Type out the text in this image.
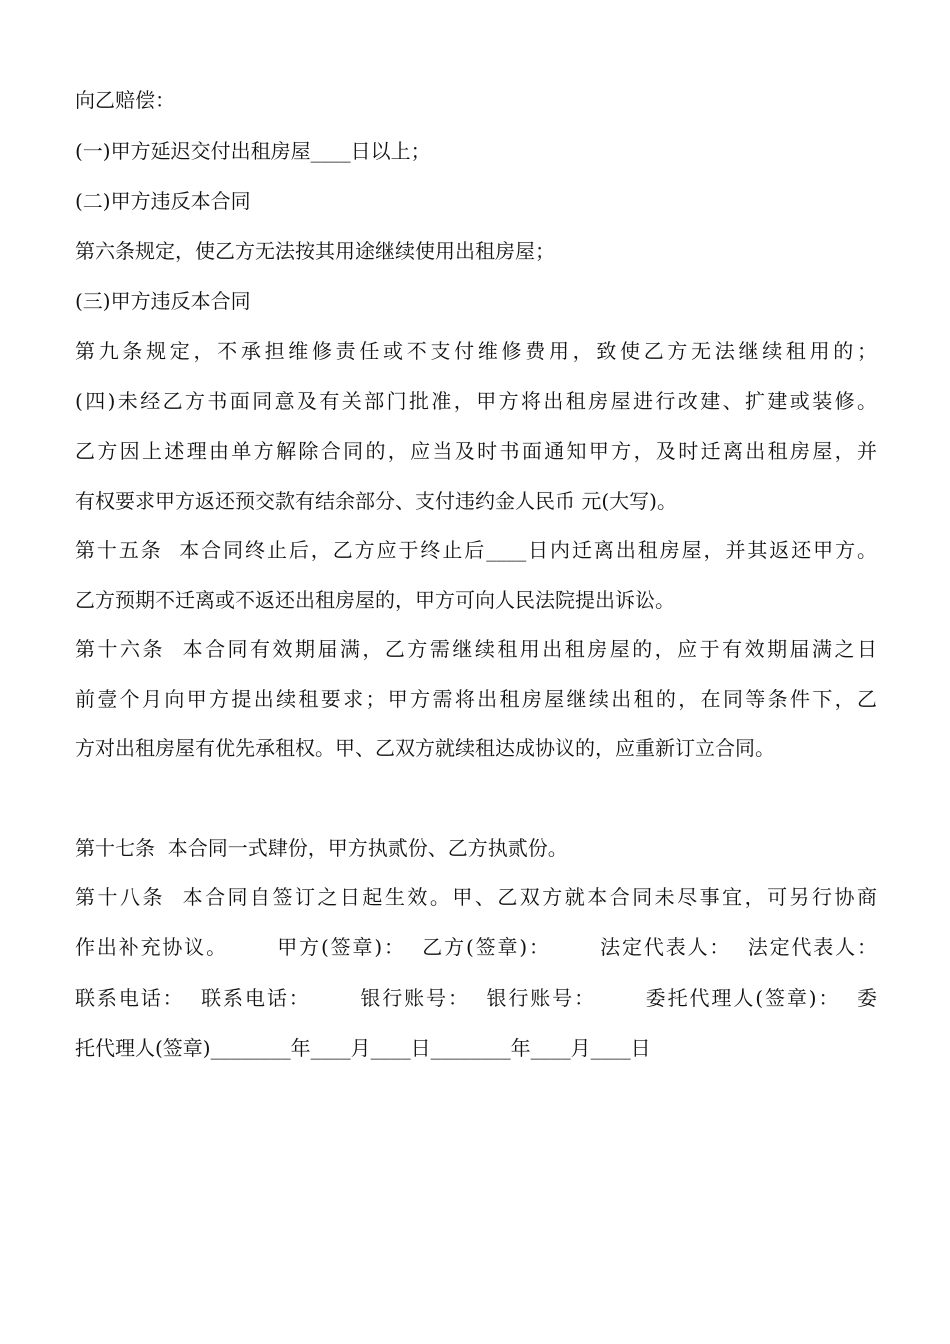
向乙赔偿：
(一)甲方延迟交付出租房屋____日以上；
(二)甲方违反本合同
第六条规定，使乙方无法按其用途继续使用出租房屋；
(三)甲方违反本合同
第九条规定，不承担维修责任或不支付维修费用，致使乙方无法继续租用的；
(四)未经乙方书面同意及有关部门批准，甲方将出租房屋进行改建、扩建或装修。
乙方因上述理由单方解除合同的，应当及时书面通知甲方，及时迁离出租房屋，并
有权要求甲方返还预交款有结余部分、支付违约金人民币 元(大写)。
第十五条  本合同终止后，乙方应于终止后____日内迁离出租房屋，并其返还甲方。
乙方预期不迁离或不返还出租房屋的，甲方可向人民法院提出诉讼。
第十六条  本合同有效期届满，乙方需继续租用出租房屋的，应于有效期届满之日
前壹个月向甲方提出续租要求；甲方需将出租房屋继续出租的，在同等条件下，乙
方对出租房屋有优先承租权。甲、乙双方就续租达成协议的，应重新订立合同。
第十七条  本合同一式肆份，甲方执贰份、乙方执贰份。
第十八条  本合同自签订之日起生效。甲、乙双方就本合同未尽事宜，可另行协商
作出补充协议。      甲方(签章)：  乙方(签章)：      法定代表人：  法定代表人：
联系电话：  联系电话：      银行账号：  银行账号：      委托代理人(签章)：  委
托代理人(签章)________年____月____日________年____月____日
